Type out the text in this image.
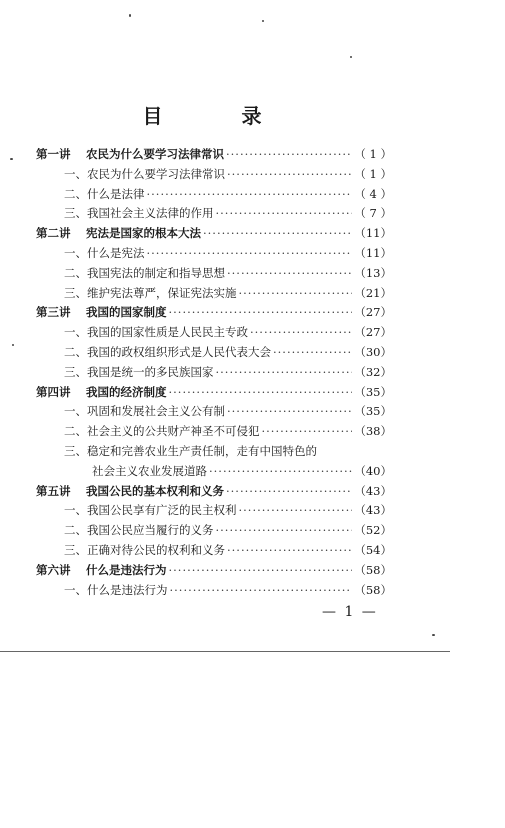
目 录
第一讲	农民为什么要学习法律常识 ·····	（ 1 ）
一、农民为什么要学习法律常识 ·····	（ 1 ）
二、什么是法律 ·····	（ 4 ）
三、我国社会主义法律的作用 ·····	（ 7 ）
第二讲	宪法是国家的根本大法 ·····	（11）
一、什么是宪法 ·····	（11）
二、我国宪法的制定和指导思想 ·····	（13）
三、维护宪法尊严，保证宪法实施 ·····	（21）
第三讲	我国的国家制度 ·····	（27）
一、我国的国家性质是人民民主专政 ·····	（27）
二、我国的政权组织形式是人民代表大会 ·····	（30）
三、我国是统一的多民族国家 ·····	（32）
第四讲	我国的经济制度 ·····	（35）
一、巩固和发展社会主义公有制 ·····	（35）
二、社会主义的公共财产神圣不可侵犯 ·····	（38）
三、稳定和完善农业生产责任制，走有中国特色的
社会主义农业发展道路 ·····	（40）
第五讲	我国公民的基本权利和义务 ·····	（43）
一、我国公民享有广泛的民主权利 ·····	（43）
二、我国公民应当履行的义务 ·····	（52）
三、正确对待公民的权利和义务 ·····	（54）
第六讲	什么是违法行为 ·····	（58）
一、什么是违法行为 ·····	（58）
— 1 —
